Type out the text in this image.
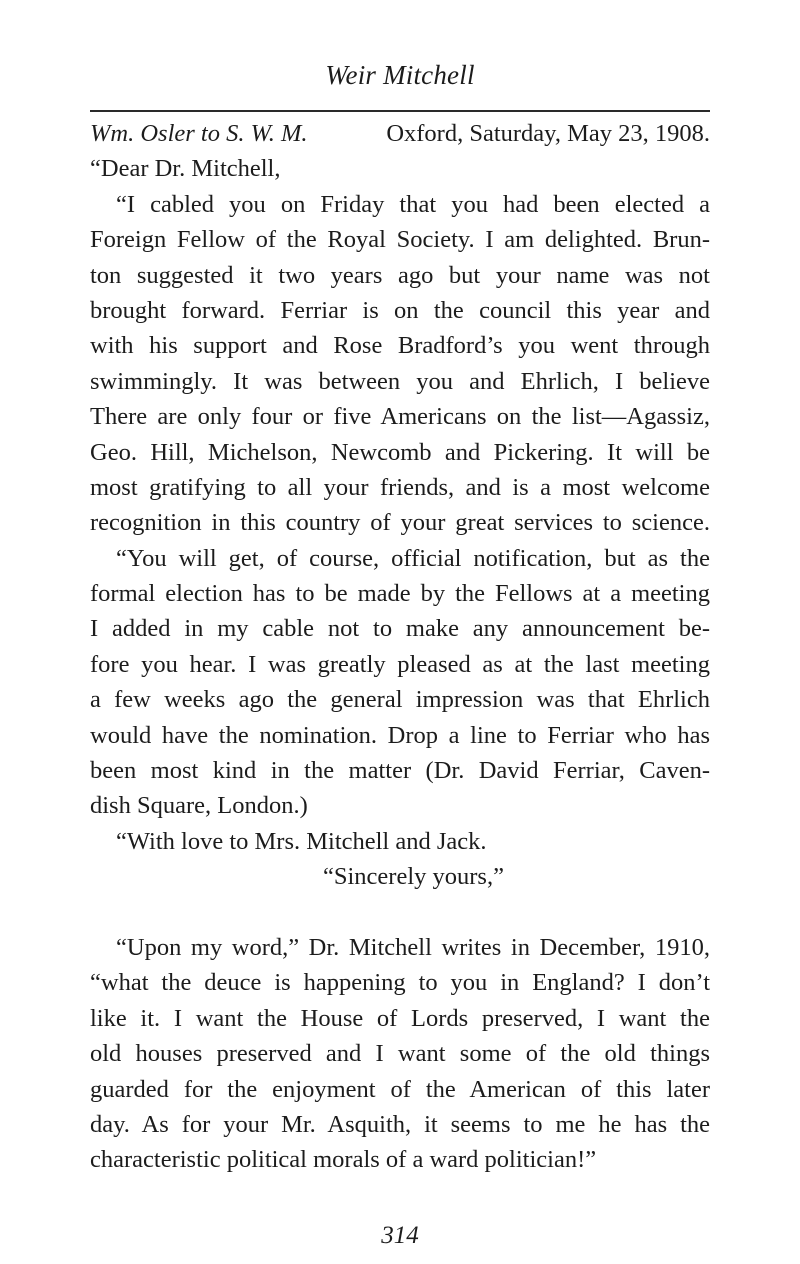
Weir Mitchell
Wm. Osler to S. W. M.	Oxford, Saturday, May 23, 1908.
“Dear Dr. Mitchell,
“I cabled you on Friday that you had been elected a
Foreign Fellow of the Royal Society. I am delighted. Brun-
ton suggested it two years ago but your name was not
brought forward. Ferriar is on the council this year and
with his support and Rose Bradford’s you went through
swimmingly. It was between you and Ehrlich, I believe
There are only four or five Americans on the list—Agassiz,
Geo. Hill, Michelson, Newcomb and Pickering. It will be
most gratifying to all your friends, and is a most welcome
recognition in this country of your great services to science.
“You will get, of course, official notification, but as the
formal election has to be made by the Fellows at a meeting
I added in my cable not to make any announcement be-
fore you hear. I was greatly pleased as at the last meeting
a few weeks ago the general impression was that Ehrlich
would have the nomination. Drop a line to Ferriar who has
been most kind in the matter (Dr. David Ferriar, Caven-
dish Square, London.)
“With love to Mrs. Mitchell and Jack.
“Sincerely yours,”
“Upon my word,” Dr. Mitchell writes in December, 1910,
“what the deuce is happening to you in England? I don’t
like it. I want the House of Lords preserved, I want the
old houses preserved and I want some of the old things
guarded for the enjoyment of the American of this later
day. As for your Mr. Asquith, it seems to me he has the
characteristic political morals of a ward politician!”
314
